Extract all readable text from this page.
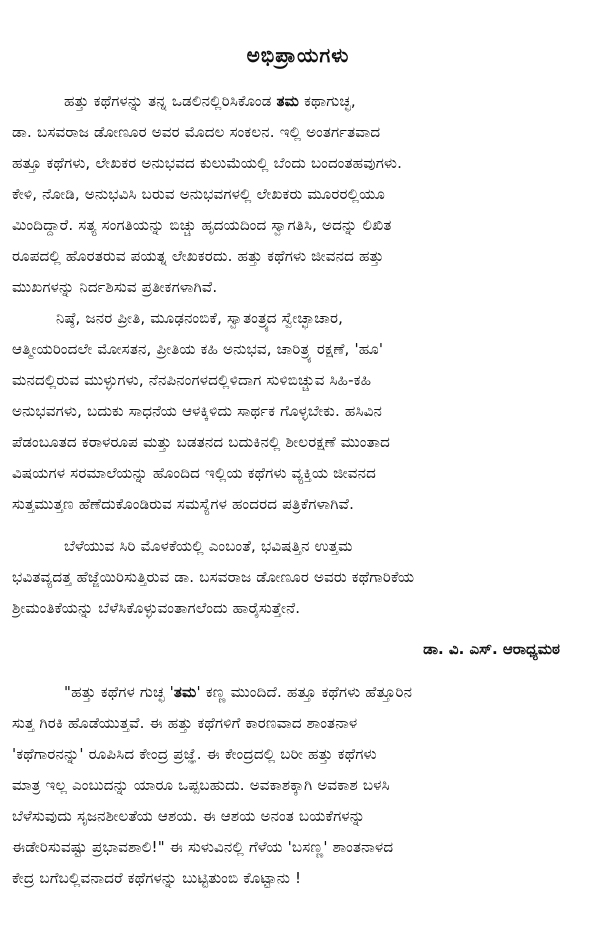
ಅಭಿಪ್ರಾಯಗಳು
ಹತ್ತು ಕಥೆಗಳನ್ನು ತನ್ನ ಒಡಲಿನಲ್ಲಿರಿಸಿಕೊಂಡ ತಮ ಕಥಾಗುಚ್ಛ,
ಡಾ. ಬಸವರಾಜ ಡೋಣೂರ ಅವರ ಮೊದಲ ಸಂಕಲನ. ಇಲ್ಲಿ ಅಂತರ್ಗತವಾದ
ಹತ್ತೂ ಕಥೆಗಳು, ಲೇಖಕರ ಅನುಭವದ ಕುಲುಮೆಯಲ್ಲಿ ಬೆಂದು ಬಂದಂತಹವುಗಳು.
ಕೇಳಿ, ನೋಡಿ, ಅನುಭವಿಸಿ ಬರುವ ಅನುಭವಗಳಲ್ಲಿ ಲೇಖಕರು ಮೂರರಲ್ಲಿಯೂ
ಮಿಂದಿದ್ದಾರೆ. ಸತ್ಯ ಸಂಗತಿಯನ್ನು ಬಿಚ್ಚು ಹೃದಯದಿಂದ ಸ್ವಾಗತಿಸಿ, ಅದನ್ನು ಲಿಖಿತ
ರೂಪದಲ್ಲಿ ಹೊರತರುವ ಪಯತ್ನ ಲೇಖಕರದು. ಹತ್ತು ಕಥೆಗಳು ಜೀವನದ ಹತ್ತು
ಮುಖಗಳನ್ನು ನಿರ್ದಶಿಸುವ ಪ್ರತೀಕಗಳಾಗಿವೆ.
ನಿಷ್ಠೆ, ಜನರ ಪ್ರೀತಿ, ಮೂಢನಂಬಿಕೆ, ಸ್ವಾತಂತ್ರ್ಯದ ಸ್ವೇಚ್ಛಾಚಾರ,
ಆತ್ಮೀಯರಿಂದಲೇ ಮೋಸತನ, ಪ್ರೀತಿಯ ಕಹಿ ಅನುಭವ, ಚಾರಿತ್ರ್ಯ ರಕ್ಷಣೆ, 'ಹೂ'
ಮನದಲ್ಲಿರುವ ಮುಳ್ಳುಗಳು, ನೆನಪಿನಂಗಳದಲ್ಲಿಳಿದಾಗ ಸುಳಿಬಿಚ್ಚುವ ಸಿಹಿ-ಕಹಿ
ಅನುಭವಗಳು, ಬದುಕು ಸಾಧನೆಯ ಆಳಕ್ಕಿಳಿದು ಸಾರ್ಥಕ ಗೊಳ್ಳಬೇಕು. ಹಸಿವಿನ
ಪೆಡಂಬೂತದ ಕರಾಳರೂಪ ಮತ್ತು ಬಡತನದ ಬದುಕಿನಲ್ಲಿ ಶೀಲರಕ್ಷಣೆ ಮುಂತಾದ
ವಿಷಯಗಳ ಸರಮಾಲೆಯನ್ನು ಹೊಂದಿದ ಇಲ್ಲಿಯ ಕಥೆಗಳು ವ್ಯಕ್ತಿಯ ಜೀವನದ
ಸುತ್ತಮುತ್ತಣ ಹೆಣೆದುಕೊಂಡಿರುವ ಸಮಸ್ಯೆಗಳ ಹಂದರದ ಪತ್ರಿಕೆಗಳಾಗಿವೆ.
ಬೆಳೆಯುವ ಸಿರಿ ಮೊಳಕೆಯಲ್ಲಿ ಎಂಬಂತೆ, ಭವಿಷತ್ತಿನ ಉತ್ತಮ
ಭವಿತವ್ಯದತ್ತ ಹೆಜ್ಜೆಯಿರಿಸುತ್ತಿರುವ ಡಾ. ಬಸವರಾಜ ಡೋಣೂರ ಅವರು ಕಥೆಗಾರಿಕೆಯ
ಶ್ರೀಮಂತಿಕೆಯನ್ನು ಬೆಳೆಸಿಕೊಳ್ಳುವಂತಾಗಲೆಂದು ಹಾರೈಸುತ್ತೇನೆ.
ಡಾ. ವಿ. ಎಸ್. ಆರಾಧ್ಯಮಠ
"ಹತ್ತು ಕಥೆಗಳ ಗುಚ್ಛ 'ತಮ' ಕಣ್ಣ ಮುಂದಿದೆ. ಹತ್ತೂ ಕಥೆಗಳು ಹೆತ್ತೂರಿನ
ಸುತ್ತ ಗಿರಕಿ ಹೊಡೆಯುತ್ತವೆ. ಈ ಹತ್ತು ಕಥೆಗಳಿಗೆ ಕಾರಣವಾದ ಶಾಂತನಾಳ
'ಕಥೆಗಾರನನ್ನು' ರೂಪಿಸಿದ ಕೇಂದ್ರ ಪ್ರಜ್ಞೆ. ಈ ಕೇಂದ್ರದಲ್ಲಿ ಬರೀ ಹತ್ತು ಕಥೆಗಳು
ಮಾತ್ರ ಇಲ್ಲ ಎಂಬುದನ್ನು ಯಾರೂ ಒಪ್ಪಬಹುದು. ಅವಕಾಶಕ್ಕಾಗಿ ಅವಕಾಶ ಬಳಸಿ
ಬೆಳೆಸುವುದು ಸೃಜನಶೀಲತೆಯ ಆಶಯ. ಈ ಆಶಯ ಅನಂತ ಬಯಕೆಗಳನ್ನು
ಈಡೇರಿಸುವಷ್ಟು ಪ್ರಭಾವಶಾಲಿ!" ಈ ಸುಳುವಿನಲ್ಲಿ ಗೆಳೆಯ 'ಬಸಣ್ಣ' ಶಾಂತನಾಳದ
ಕೇದ್ರ ಬಗೆಬಲ್ಲಿವನಾದರೆ ಕಥೆಗಳನ್ನು ಬುಟ್ಟಿತುಂಬಿ ಕೊಟ್ಟಾನು !
